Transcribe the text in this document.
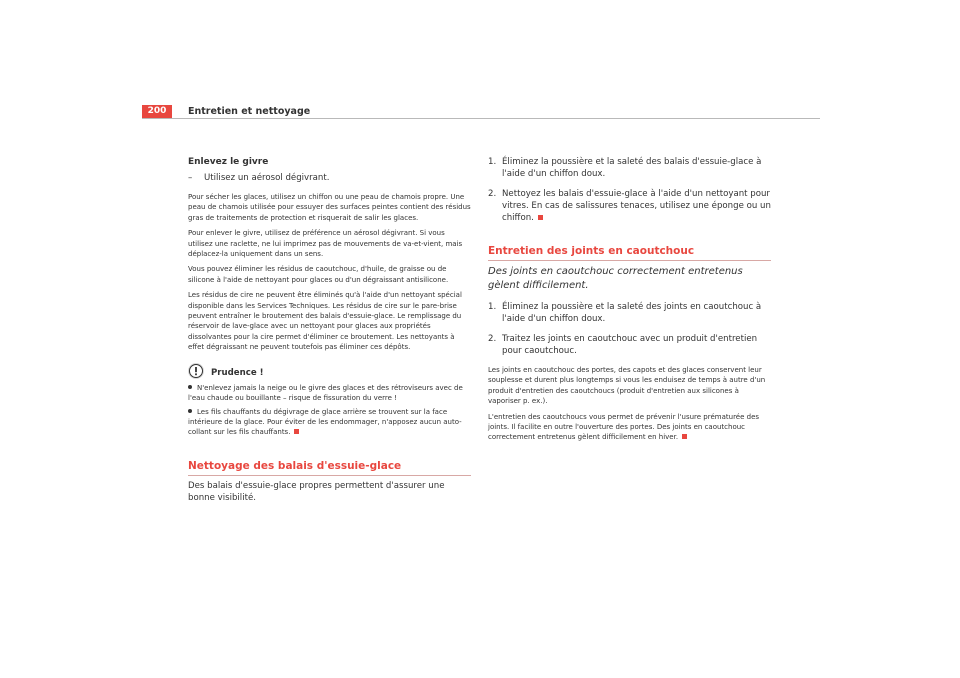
200	Entretien et nettoyage
Enlevez le givre
–	Utilisez un aérosol dégivrant.

Pour sécher les glaces, utilisez un chiffon ou une peau de chamois propre. Une peau de chamois utilisée pour essuyer des surfaces peintes contient des résidus gras de traitements de protection et risquerait de salir les glaces.

Pour enlever le givre, utilisez de préférence un aérosol dégivrant. Si vous utilisez une raclette, ne lui imprimez pas de mouvements de va-et-vient, mais déplacez-la uniquement dans un sens.

Vous pouvez éliminer les résidus de caoutchouc, d'huile, de graisse ou de silicone à l'aide de nettoyant pour glaces ou d'un dégraissant antisilicone.

Les résidus de cire ne peuvent être éliminés qu'à l'aide d'un nettoyant spécial disponible dans les Services Techniques. Les résidus de cire sur le pare-brise peuvent entraîner le broutement des balais d'essuie-glace. Le remplissage du réservoir de lave-glace avec un nettoyant pour glaces aux propriétés dissolvantes pour la cire permet d'éliminer ce broutement. Les nettoyants à effet dégraissant ne peuvent toutefois pas éliminer ces dépôts.

Prudence !

N'enlevez jamais la neige ou le givre des glaces et des rétroviseurs avec de l'eau chaude ou bouillante – risque de fissuration du verre !

Les fils chauffants du dégivrage de glace arrière se trouvent sur la face intérieure de la glace. Pour éviter de les endommager, n'apposez aucun auto-collant sur les fils chauffants.

Nettoyage des balais d'essuie-glace

Des balais d'essuie-glace propres permettent d'assurer une bonne visibilité.

1. Éliminez la poussière et la saleté des balais d'essuie-glace à l'aide d'un chiffon doux.
2. Nettoyez les balais d'essuie-glace à l'aide d'un nettoyant pour vitres. En cas de salissures tenaces, utilisez une éponge ou un chiffon.
Entretien des joints en caoutchouc

Des joints en caoutchouc correctement entretenus gèlent difficilement.

1. Éliminez la poussière et la saleté des joints en caoutchouc à l'aide d'un chiffon doux.
2. Traitez les joints en caoutchouc avec un produit d'entretien pour caoutchouc.

Les joints en caoutchouc des portes, des capots et des glaces conservent leur souplesse et durent plus longtemps si vous les enduisez de temps à autre d'un produit d'entretien des caoutchoucs (produit d'entretien aux silicones à vaporiser p. ex.).

L'entretien des caoutchoucs vous permet de prévenir l'usure prématurée des joints. Il facilite en outre l'ouverture des portes. Des joints en caoutchouc correctement entretenus gèlent difficilement en hiver.
